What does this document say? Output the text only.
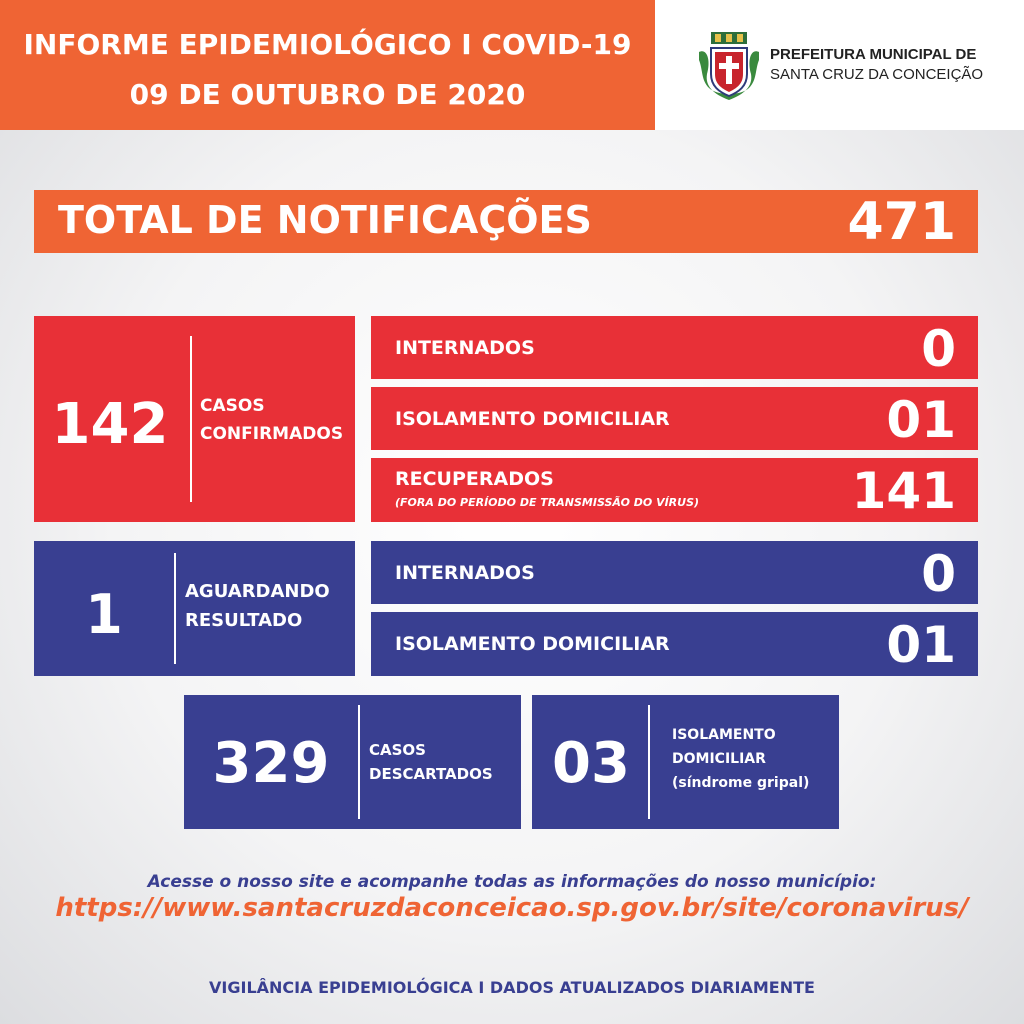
INFORME EPIDEMIOLÓGICO I COVID-19
09 DE OUTUBRO DE 2020
PREFEITURA MUNICIPAL DE
SANTA CRUZ DA CONCEIÇÃO
TOTAL DE NOTIFICAÇÕES	471
142	CASOS
CONFIRMADOS
INTERNADOS	0
ISOLAMENTO DOMICILIAR	01
RECUPERADOS
(FORA DO PERÍODO DE TRANSMISSÃO DO VÍRUS)	141
1	AGUARDANDO
RESULTADO
INTERNADOS	0
ISOLAMENTO DOMICILIAR	01
329	CASOS
DESCARTADOS	03	ISOLAMENTO
DOMICILIAR
(síndrome gripal)
Acesse o nosso site e acompanhe todas as informações do nosso município:
https://www.santacruzdaconceicao.sp.gov.br/site/coronavirus/
VIGILÂNCIA EPIDEMIOLÓGICA I DADOS ATUALIZADOS DIARIAMENTE
